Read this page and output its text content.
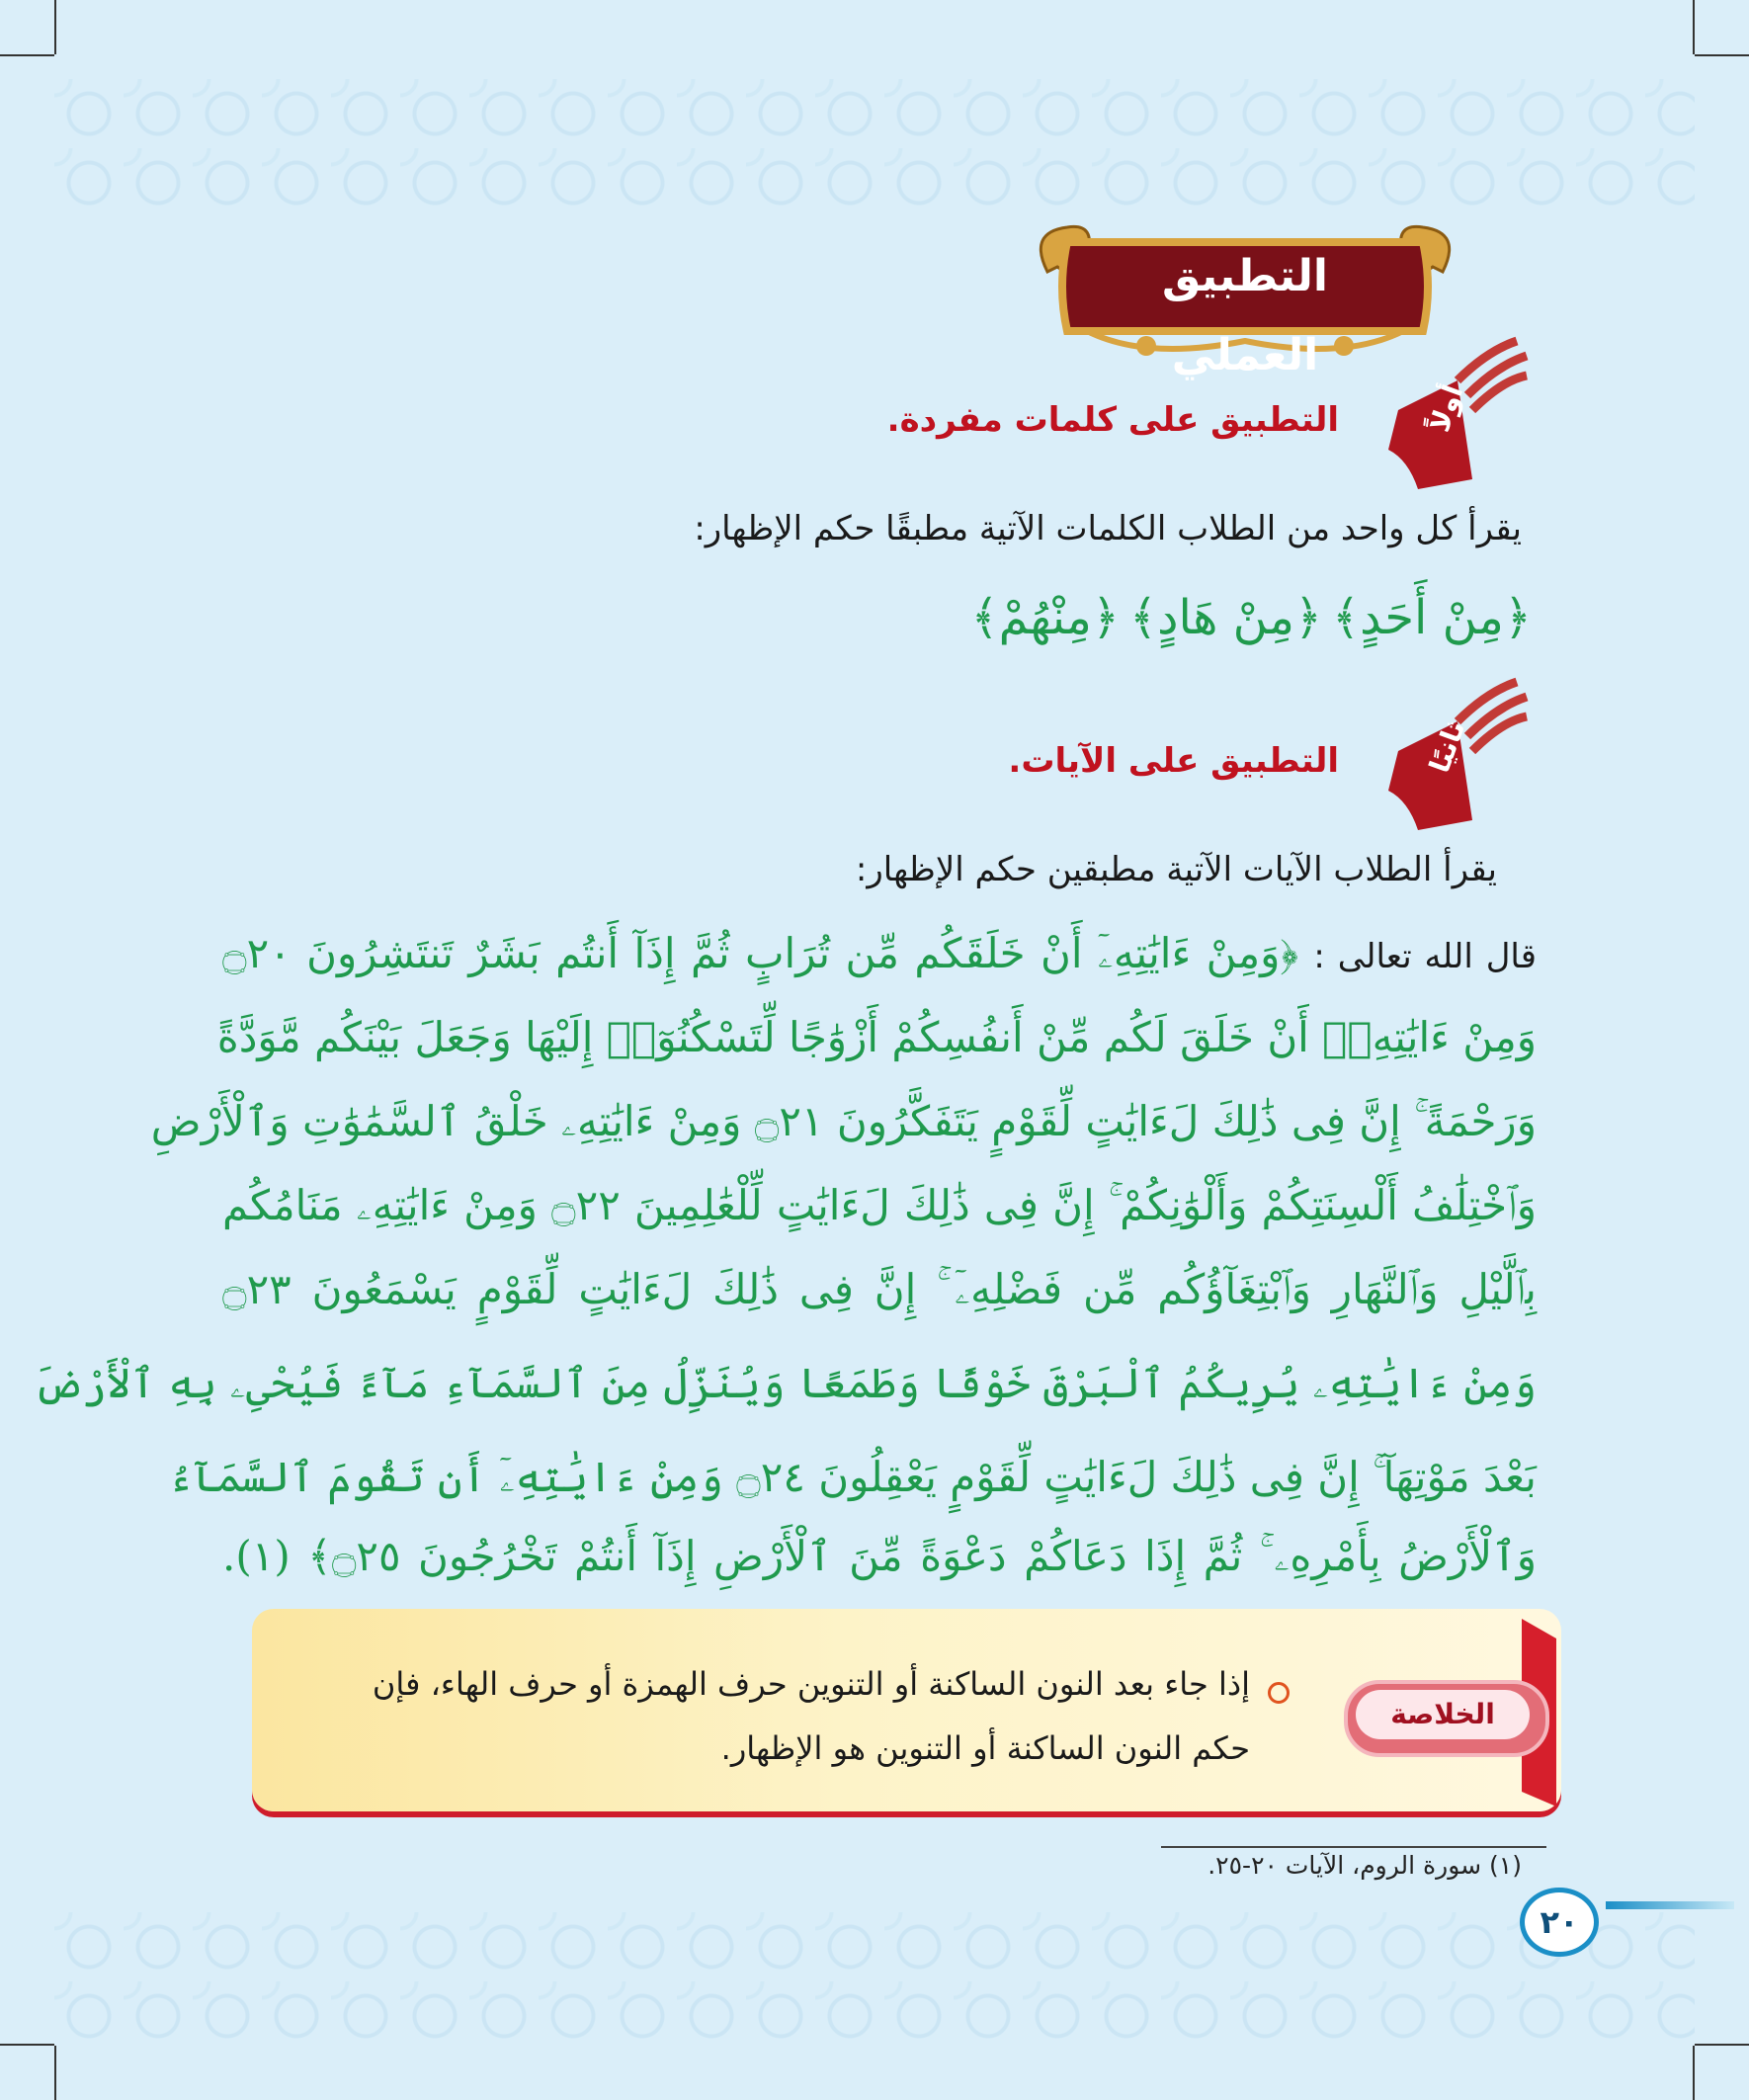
التطبيق العملي
أولاً
التطبيق على كلمات مفردة.
يقرأ كل واحد من الطلاب الكلمات الآتية مطبقًا حكم الإظهار:
﴿مِنْ أَحَدٍ﴾
﴿مِنْ هَادٍ﴾
﴿مِنْهُمْ﴾
ثانيًا
التطبيق على الآيات.
يقرأ الطلاب الآيات الآتية مطبقين حكم الإظهار:
قال الله تعالى : ﴿وَمِنْ ءَايَٰتِهِۦٓ أَنْ خَلَقَكُم مِّن تُرَابٍ ثُمَّ إِذَآ أَنتُم بَشَرٌ تَنتَشِرُونَ ۝٢٠
وَمِنْ ءَايَٰتِهِۦٓ أَنْ خَلَقَ لَكُم مِّنْ أَنفُسِكُمْ أَزْوَٰجًا لِّتَسْكُنُوٓا۟ إِلَيْهَا وَجَعَلَ بَيْنَكُم مَّوَدَّةً
وَرَحْمَةً ۚ إِنَّ فِى ذَٰلِكَ لَءَايَٰتٍ لِّقَوْمٍ يَتَفَكَّرُونَ ۝٢١ وَمِنْ ءَايَٰتِهِۦ خَلْقُ ٱلسَّمَٰوَٰتِ وَٱلْأَرْضِ
وَٱخْتِلَٰفُ أَلْسِنَتِكُمْ وَأَلْوَٰنِكُمْ ۚ إِنَّ فِى ذَٰلِكَ لَءَايَٰتٍ لِّلْعَٰلِمِينَ ۝٢٢ وَمِنْ ءَايَٰتِهِۦ مَنَامُكُم
بِٱلَّيْلِ وَٱلنَّهَارِ وَٱبْتِغَآؤُكُم مِّن فَضْلِهِۦٓ ۚ إِنَّ فِى ذَٰلِكَ لَءَايَٰتٍ لِّقَوْمٍ يَسْمَعُونَ ۝٢٣
وَمِنْ ءَايَٰتِهِۦ يُرِيكُمُ ٱلْبَرْقَ خَوْفًا وَطَمَعًا وَيُنَزِّلُ مِنَ ٱلسَّمَآءِ مَآءً فَيُحْىِۦ بِهِ ٱلْأَرْضَ
بَعْدَ مَوْتِهَآ ۚ إِنَّ فِى ذَٰلِكَ لَءَايَٰتٍ لِّقَوْمٍ يَعْقِلُونَ ۝٢٤ وَمِنْ ءَايَٰتِهِۦٓ أَن تَقُومَ ٱلسَّمَآءُ
وَٱلْأَرْضُ بِأَمْرِهِۦ ۚ ثُمَّ إِذَا دَعَاكُمْ دَعْوَةً مِّنَ ٱلْأَرْضِ إِذَآ أَنتُمْ تَخْرُجُونَ ۝٢٥﴾ (١).
الخلاصة
إذا جاء بعد النون الساكنة أو التنوين حرف الهمزة أو حرف الهاء، فإن
حكم النون الساكنة أو التنوين هو الإظهار.
(١) سورة الروم، الآيات ٢٠-٢٥.
٢٠
